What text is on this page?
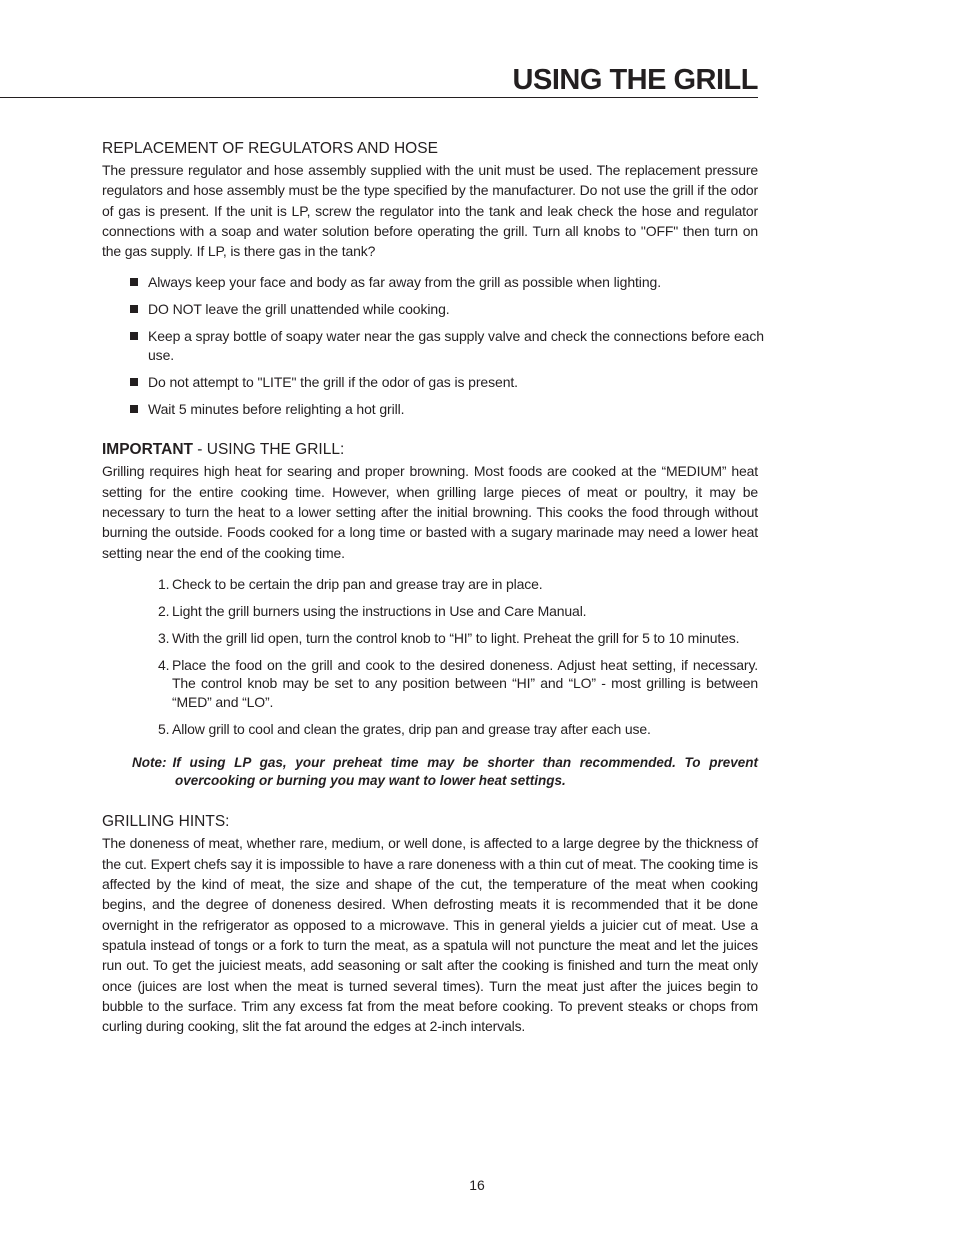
USING THE GRILL
REPLACEMENT OF REGULATORS AND HOSE

The pressure regulator and hose assembly supplied with the unit must be used. The replacement pressure regulators and hose assembly must be the type specified by the manufacturer. Do not use the grill if the odor of gas is present. If the unit is LP, screw the regulator into the tank and leak check the hose and regulator connections with a soap and water solution before operating the grill. Turn all knobs to "OFF" then turn on the gas supply. If LP, is there gas in the tank?

Always keep your face and body as far away from the grill as possible when lighting.
DO NOT leave the grill unattended while cooking.
Keep a spray bottle of soapy water near the gas supply valve and check the connections before each use.
Do not attempt to "LITE" the grill if the odor of gas is present.
Wait 5 minutes before relighting a hot grill.
IMPORTANT - USING THE GRILL:

Grilling requires high heat for searing and proper browning. Most foods are cooked at the “MEDIUM” heat setting for the entire cooking time. However, when grilling large pieces of meat or poultry, it may be necessary to turn the heat to a lower setting after the initial browning. This cooks the food through without burning the outside. Foods cooked for a long time or basted with a sugary marinade may need a lower heat setting near the end of the cooking time.

1. Check to be certain the drip pan and grease tray are in place.
2. Light the grill burners using the instructions in Use and Care Manual.
3. With the grill lid open, turn the control knob to “HI” to light. Preheat the grill for 5 to 10 minutes.
4. Place the food on the grill and cook to the desired doneness. Adjust heat setting, if necessary. The control knob may be set to any position between “HI” and “LO” - most grilling is between “MED” and “LO”.
5. Allow grill to cool and clean the grates, drip pan and grease tray after each use.

Note: If using LP gas, your preheat time may be shorter than recommended. To prevent overcooking or burning you may want to lower heat settings.

GRILLING HINTS:

The doneness of meat, whether rare, medium, or well done, is affected to a large degree by the thickness of the cut. Expert chefs say it is impossible to have a rare doneness with a thin cut of meat. The cooking time is affected by the kind of meat, the size and shape of the cut, the temperature of the meat when cooking begins, and the degree of doneness desired. When defrosting meats it is recommended that it be done overnight in the refrigerator as opposed to a microwave. This in general yields a juicier cut of meat. Use a spatula instead of tongs or a fork to turn the meat, as a spatula will not puncture the meat and let the juices run out. To get the juiciest meats, add seasoning or salt after the cooking is finished and turn the meat only once (juices are lost when the meat is turned several times). Turn the meat just after the juices begin to bubble to the surface. Trim any excess fat from the meat before cooking. To prevent steaks or chops from curling during cooking, slit the fat around the edges at 2-inch intervals.

16
